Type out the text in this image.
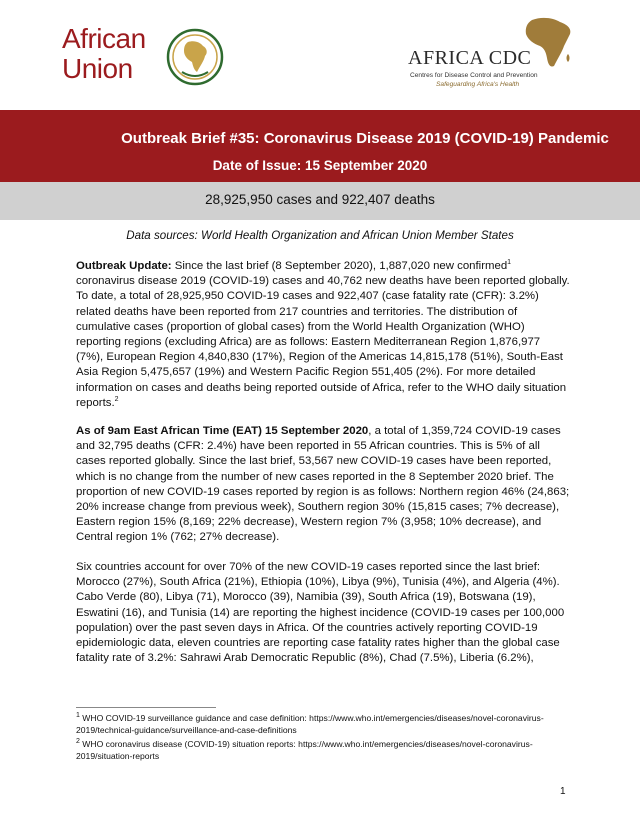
African
Union	AFRICA CDC
Centres for Disease Control and Prevention
Safeguarding Africa's Health
Outbreak Brief #35: Coronavirus Disease 2019 (COVID-19) Pandemic
Date of Issue: 15 September 2020
28,925,950 cases and 922,407 deaths
Data sources: World Health Organization and African Union Member States

Outbreak Update: Since the last brief (8 September 2020), 1,887,020 new confirmed$^1$ coronavirus disease 2019 (COVID-19) cases and 40,762 new deaths have been reported globally. To date, a total of 28,925,950 COVID-19 cases and 922,407 (case fatality rate (CFR): 3.2%) related deaths have been reported from 217 countries and territories. The distribution of cumulative cases (proportion of global cases) from the World Health Organization (WHO) reporting regions (excluding Africa) are as follows: Eastern Mediterranean Region 1,876,977 (7%), European Region 4,840,830 (17%), Region of the Americas 14,815,178 (51%), South-East Asia Region 5,475,657 (19%) and Western Pacific Region 551,405 (2%). For more detailed information on cases and deaths being reported outside of Africa, refer to the WHO daily situation reports.$^2$

As of 9am East African Time (EAT) 15 September 2020, a total of 1,359,724 COVID-19 cases and 32,795 deaths (CFR: 2.4%) have been reported in 55 African countries. This is 5% of all cases reported globally. Since the last brief, 53,567 new COVID-19 cases have been reported, which is no change from the number of new cases reported in the 8 September 2020 brief. The proportion of new COVID-19 cases reported by region is as follows: Northern region 46% (24,863; 20% increase change from previous week), Southern region 30% (15,815 cases; 7% decrease), Eastern region 15% (8,169; 22% decrease), Western region 7% (3,958; 10% decrease), and Central region 1% (762; 27% decrease).

Six countries account for over 70% of the new COVID-19 cases reported since the last brief: Morocco (27%), South Africa (21%), Ethiopia (10%), Libya (9%), Tunisia (4%), and Algeria (4%). Cabo Verde (80), Libya (71), Morocco (39), Namibia (39), South Africa (19), Botswana (19), Eswatini (16), and Tunisia (14) are reporting the highest incidence (COVID-19 cases per 100,000 population) over the past seven days in Africa. Of the countries actively reporting COVID-19 epidemiologic data, eleven countries are reporting case fatality rates higher than the global case fatality rate of 3.2%: Sahrawi Arab Democratic Republic (8%), Chad (7.5%), Liberia (6.2%),

$^1$ WHO COVID-19 surveillance guidance and case definition: https://www.who.int/emergencies/diseases/novel-coronavirus-2019/technical-guidance/surveillance-and-case-definitions

$^2$ WHO coronavirus disease (COVID-19) situation reports: https://www.who.int/emergencies/diseases/novel-coronavirus-2019/situation-reports

1
